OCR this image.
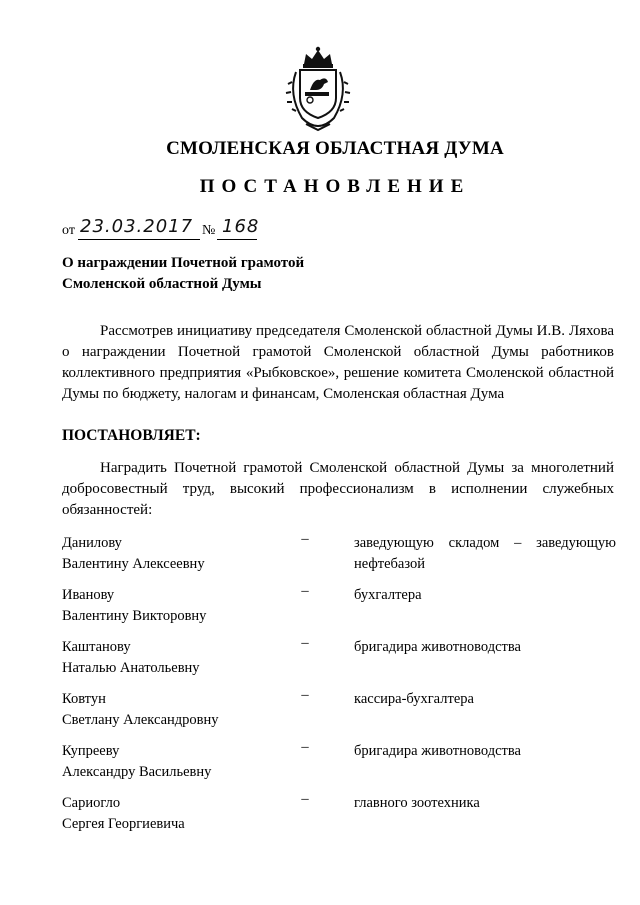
СМОЛЕНСКАЯ ОБЛАСТНАЯ ДУМА
ПОСТАНОВЛЕНИЕ
от 23.03.2017 № 168
О награждении Почетной грамотой
Смоленской областной Думы
Рассмотрев инициативу председателя Смоленской областной Думы И.В. Ляхова о награждении Почетной грамотой Смоленской областной Думы работников коллективного предприятия «Рыбковское», решение комитета Смоленской областной Думы по бюджету, налогам и финансам, Смоленская областная Дума
ПОСТАНОВЛЯЕТ:
Наградить Почетной грамотой Смоленской областной Думы за многолетний добросовестный труд, высокий профессионализм в исполнении служебных обязанностей:
Данилову
Валентину Алексеевну
–	заведующую складом – заведующую нефтебазой
Иванову
Валентину Викторовну
–	бухгалтера
Каштанову
Наталью Анатольевну
–	бригадира животноводства
Ковтун
Светлану Александровну
–	кассира-бухгалтера
Купрееву
Александру Васильевну
–	бригадира животноводства
Сариогло
Сергея Георгиевича
–	главного зоотехника
